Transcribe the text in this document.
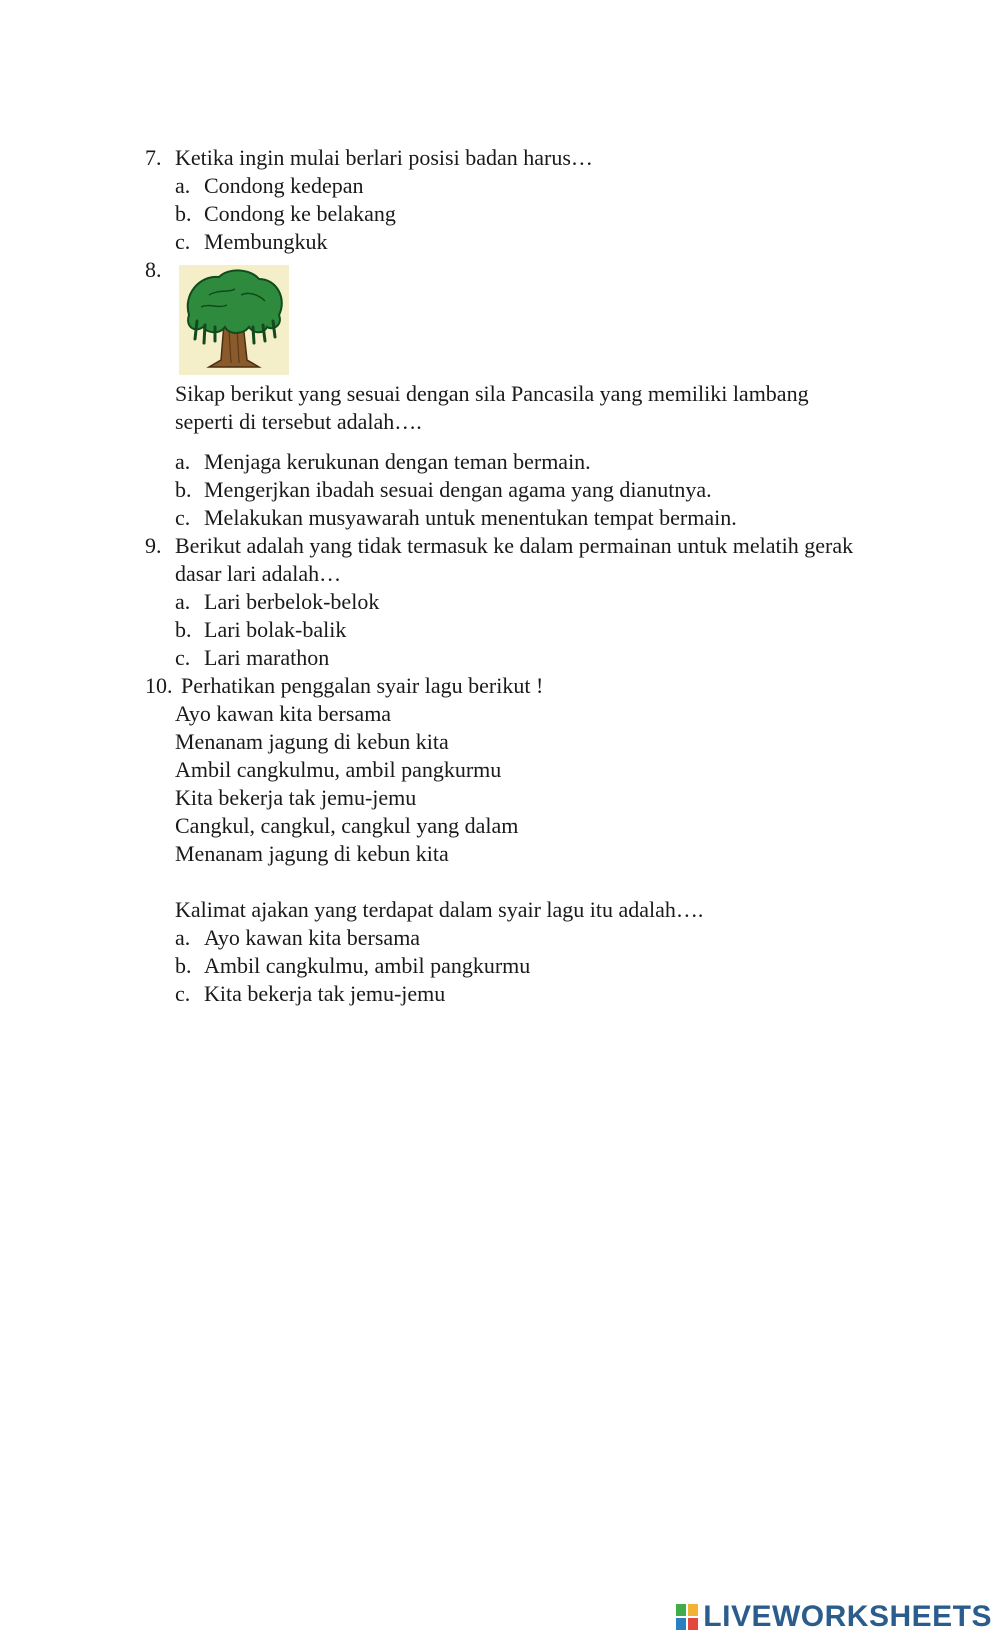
7. Ketika ingin mulai berlari posisi badan harus…
a. Condong kedepan
b. Condong ke belakang
c. Membungkuk
8.
Sikap berikut yang sesuai dengan sila Pancasila yang memiliki lambang
seperti di tersebut adalah….
a. Menjaga kerukunan dengan teman bermain.
b. Mengerjkan ibadah sesuai dengan agama yang dianutnya.
c. Melakukan musyawarah untuk menentukan tempat bermain.
9. Berikut adalah yang tidak termasuk ke dalam permainan untuk melatih gerak
dasar lari adalah…
a. Lari berbelok-belok
b. Lari bolak-balik
c. Lari marathon
10. Perhatikan penggalan syair lagu berikut !
Ayo kawan kita bersama
Menanam jagung di kebun kita
Ambil cangkulmu, ambil pangkurmu
Kita bekerja tak jemu-jemu
Cangkul, cangkul, cangkul yang dalam
Menanam jagung di kebun kita
Kalimat ajakan yang terdapat dalam syair lagu itu adalah….
a. Ayo kawan kita bersama
b. Ambil cangkulmu, ambil pangkurmu
c. Kita bekerja tak jemu-jemu
LIVEWORKSHEETS
